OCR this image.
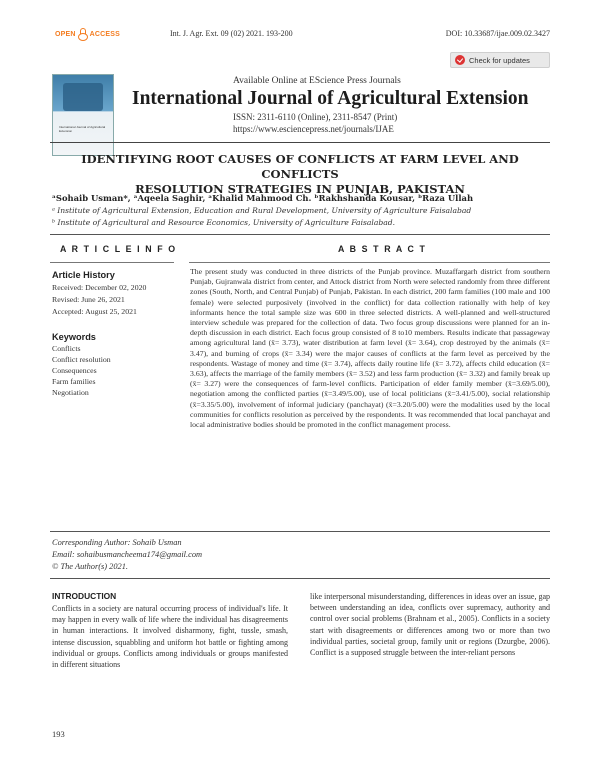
OPEN ACCESS	Int. J. Agr. Ext. 09 (02) 2021. 193-200	DOI: 10.33687/ijae.009.02.3427
Check for updates
International Journal of Agricultural Extension
Available Online at EScience Press Journals
International Journal of Agricultural Extension
ISSN: 2311-6110 (Online), 2311-8547 (Print)
https://www.esciencepress.net/journals/IJAE
IDENTIFYING ROOT CAUSES OF CONFLICTS AT FARM LEVEL AND CONFLICTS
RESOLUTION STRATEGIES IN PUNJAB, PAKISTAN
ᵃSohaib Usman*, ᵃAqeela Saghir, ᵃKhalid Mahmood Ch. ᵇRakhshanda Kousar, ᵇRaza Ullah
ᵃ Institute of Agricultural Extension, Education and Rural Development, University of Agriculture Faisalabad
ᵇ Institute of Agricultural and Resource Economics, University of Agriculture Faisalabad.
A R T I C L E I N F O	A B S T R A C T
Article History
Received: December 02, 2020
Revised: June 26, 2021
Accepted: August 25, 2021
Keywords
Conflicts
Conflict resolution
Consequences
Farm families
Negotiation
The present study was conducted in three districts of the Punjab province. Muzaffargarh district from southern Punjab, Gujranwala district from center, and Attock district from North were selected randomly from three different zones (South, North, and Central Punjab) of Punjab, Pakistan. In each district, 200 farm families (100 male and 100 female) were selected purposively (involved in the conflict) for data collection rationally with help of key informants hence the total sample size was 600 in three selected districts. A well-planned and well-structured interview schedule was prepared for the collection of data. Two focus group discussions were planned for an in-depth discussion in each district. Each focus group consisted of 8 to10 members. Results indicate that passageway among agricultural land (x̄= 3.73), water distribution at farm level (x̄= 3.64), crop destroyed by the animals (x̄= 3.47), and burning of crops (x̄= 3.34) were the major causes of conflicts at the farm level as perceived by the respondents. Wastage of money and time (x̄= 3.74), affects daily routine life (x̄= 3.72), affects child education (x̄= 3.63), affects the marriage of the family members (x̄= 3.52) and less farm production (x̄= 3.32) and family break up (x̄= 3.27) were the consequences of farm-level conflicts. Participation of elder family member (x̄=3.69/5.00), negotiation among the conflicted parties (x̄=3.49/5.00), use of local politicians (x̄=3.41/5.00), social relationship (x̄=3.35/5.00), involvement of informal judiciary (panchayat) (x̄=3.20/5.00) were the modalities used by the local communities for conflicts resolution as perceived by the respondents. It was recommended that local panchayat and local administrative bodies should be promoted in the conflict management process.
Corresponding Author: Sohaib Usman
Email: sohaibusmancheema174@gmail.com
© The Author(s) 2021.
INTRODUCTION
Conflicts in a society are natural occurring process of individual's life. It may happen in every walk of life where the individual has disagreements in human interactions. It involved disharmony, fight, tussle, smash, intense discussion, squabbling and uniform hot battle or fighting among individual or groups. Conflicts among individuals or groups manifested in different situations
like interpersonal misunderstanding, differences in ideas over an issue, gap between understanding an idea, conflicts over supremacy, authority and control over social problems (Brahnam et al., 2005). Conflicts in a society start with disagreements or differences among two or more than two individual parties, societal group, family unit or regions (Dzurgbe, 2006). Conflict is a supposed struggle between the inter-reliant persons
193
